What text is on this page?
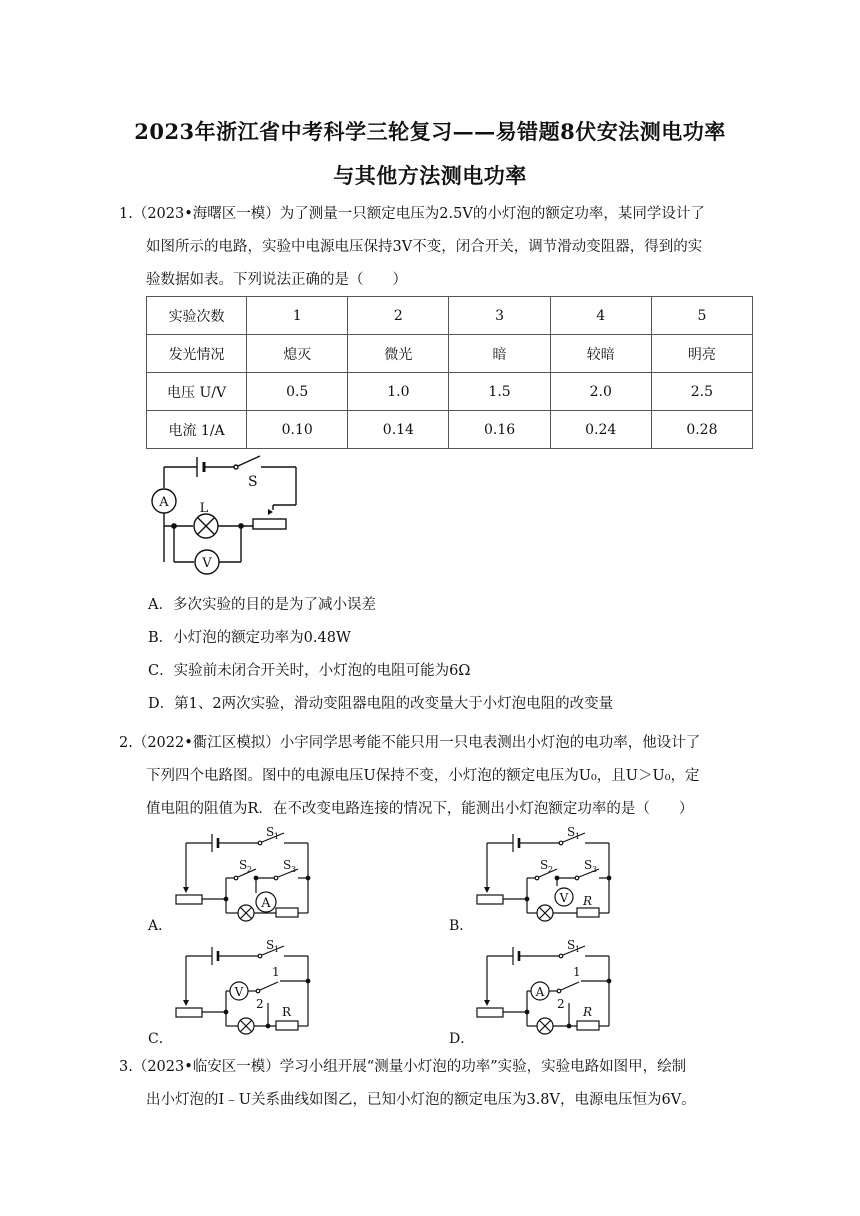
2023年浙江省中考科学三轮复习——易错题8伏安法测电功率
与其他方法测电功率
1.（2023•海曙区一模）为了测量一只额定电压为2.5V的小灯泡的额定功率，某同学设计了
如图所示的电路，实验中电源电压保持3V不变，闭合开关，调节滑动变阻器，得到的实
验数据如表。下列说法正确的是（　　）
实验次数	1	2	3	4	5
发光情况	熄灭	微光	暗	较暗	明亮
电压 U/V	0.5	1.0	1.5	2.0	2.5
电流 1/A	0.10	0.14	0.16	0.24	0.28
A L
V
S
A．多次实验的目的是为了减小误差
B．小灯泡的额定功率为0.48W
C．实验前未闭合开关时，小灯泡的电阻可能为6Ω
D．第1、2两次实验，滑动变阻器电阻的改变量大于小灯泡电阻的改变量
2.（2022•衢江区模拟）小宇同学思考能不能只用一只电表测出小灯泡的电功率，他设计了
下列四个电路图。图中的电源电压U保持不变，小灯泡的额定电压为U₀，且U＞U₀，定
值电阻的阻值为R．在不改变电路连接的情况下，能测出小灯泡额定功率的是（　　）
A
S 1
S 2	S 3
A．
V R
S 1
S 2	S 3
B．
V
R
1
2
S 1
C．
A
R
1
2
S 1
D．
3.（2023•临安区一模）学习小组开展“测量小灯泡的功率”实验，实验电路如图甲，绘制
出小灯泡的I﹣U关系曲线如图乙，已知小灯泡的额定电压为3.8V，电源电压恒为6V。
